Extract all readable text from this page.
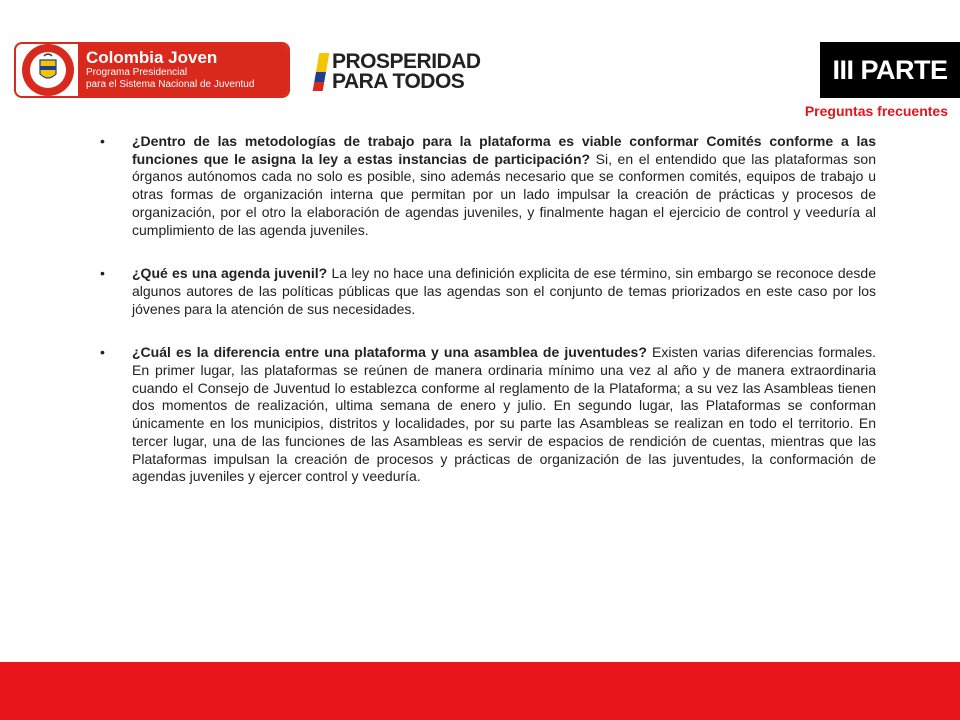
Colombia Joven
Programa Presidencial
para el Sistema Nacional de Juventud
PROSPERIDAD
PARA TODOS	III PARTE
Preguntas frecuentes
• ¿Dentro de las metodologías de trabajo para la plataforma es viable conformar Comités conforme a las funciones que le asigna la ley a estas instancias de participación? Si, en el entendido que las plataformas son órganos autónomos cada no solo es posible, sino además necesario que se conformen comités, equipos de trabajo u otras formas de organización interna que permitan por un lado impulsar la creación de prácticas y procesos de organización, por el otro la elaboración de agendas juveniles, y finalmente hagan el ejercicio de control y veeduría al cumplimiento de las agenda juveniles.
• ¿Qué es una agenda juvenil? La ley no hace una definición explicita de ese término, sin embargo se reconoce desde algunos autores de las políticas públicas que las agendas son el conjunto de temas priorizados en este caso por los jóvenes para la atención de sus necesidades.
• ¿Cuál es la diferencia entre una plataforma y una asamblea de juventudes? Existen varias diferencias formales. En primer lugar, las plataformas se reúnen de manera ordinaria mínimo una vez al año y de manera extraordinaria cuando el Consejo de Juventud lo establezca conforme al reglamento de la Plataforma; a su vez las Asambleas tienen dos momentos de realización, ultima semana de enero y julio. En segundo lugar, las Plataformas se conforman únicamente en los municipios, distritos y localidades, por su parte las Asambleas se realizan en todo el territorio. En tercer lugar, una de las funciones de las Asambleas es servir de espacios de rendición de cuentas, mientras que las Plataformas impulsan la creación de procesos y prácticas de organización de las juventudes, la conformación de agendas juveniles y ejercer control y veeduría.
